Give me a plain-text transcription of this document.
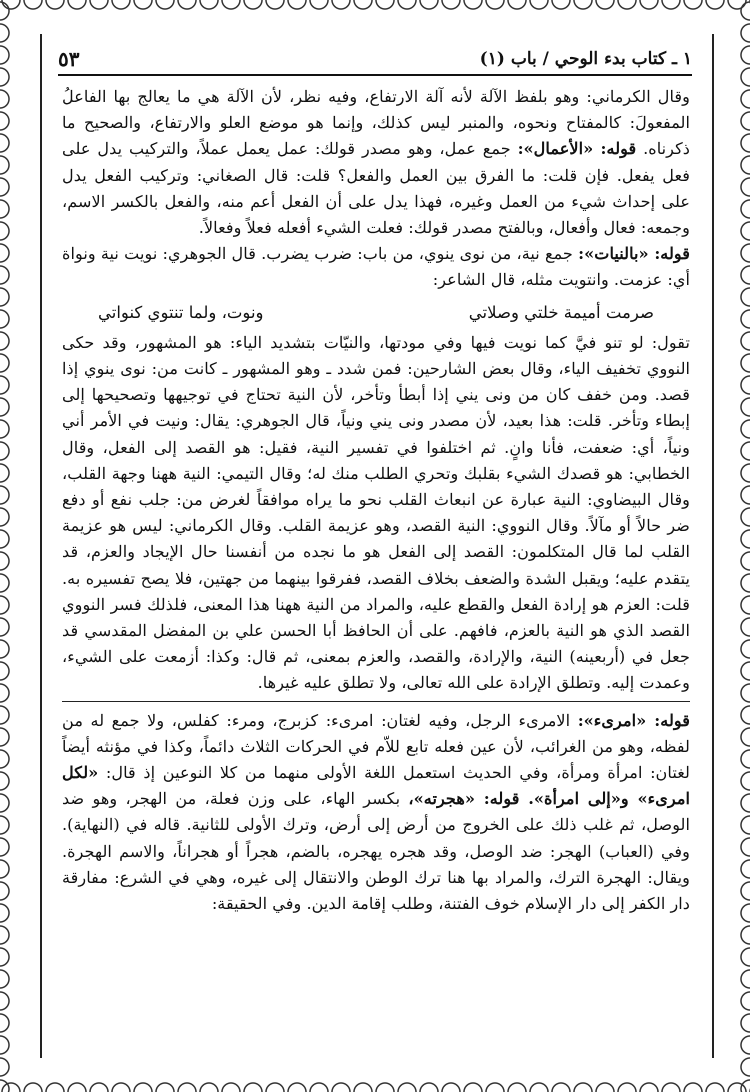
١ ـ كتاب بدء الوحي / باب (١)
٥٣

وقال الكرماني: وهو بلفظ الآلة لأنه آلة الارتفاع، وفيه نظر، لأن الآلة هي ما يعالج بها الفاعلُ المفعولَ: كالمفتاح ونحوه، والمنبر ليس كذلك، وإنما هو موضع العلو والارتفاع، والصحيح ما ذكرناه. قوله: «الأعمال»: جمع عمل، وهو مصدر قولك: عمل يعمل عملاً، والتركيب يدل على فعل يفعل. فإن قلت: ما الفرق بين العمل والفعل؟ قلت: قال الصغاني: وتركيب الفعل يدل على إحداث شيء من العمل وغيره، فهذا يدل على أن الفعل أعم منه، والفعل بالكسر الاسم، وجمعه: فعال وأفعال، وبالفتح مصدر قولك: فعلت الشيء أفعله فعلاً وفعالاً.

قوله: «بالنيات»: جمع نية، من نوى ينوي، من باب: ضرب يضرب. قال الجوهري: نويت نية ونواة أي: عزمت. وانتويت مثله، قال الشاعر:

صرمت أميمة خلتي وصلاتي
ونوت، ولما تنتوي كنواتي

تقول: لو تنو فيَّ كما نويت فيها وفي مودتها، والنيّات بتشديد الياء: هو المشهور، وقد حكى النووي تخفيف الياء، وقال بعض الشارحين: فمن شدد ـ وهو المشهور ـ كانت من: نوى ينوي إذا قصد. ومن خفف كان من ونى يني إذا أبطأ وتأخر، لأن النية تحتاج في توجيهها وتصحيحها إلى إبطاء وتأخر. قلت: هذا بعيد، لأن مصدر ونى يني ونياً، قال الجوهري: يقال: ونيت في الأمر أني ونياً، أي: ضعفت، فأنا وانٍ. ثم اختلفوا في تفسير النية، فقيل: هو القصد إلى الفعل، وقال الخطابي: هو قصدك الشيء بقلبك وتحري الطلب منك له؛ وقال التيمي: النية ههنا وجهة القلب، وقال البيضاوي: النية عبارة عن انبعاث القلب نحو ما يراه موافقاً لغرض من: جلب نفع أو دفع ضر حالاً أو مآلاً. وقال النووي: النية القصد، وهو عزيمة القلب. وقال الكرماني: ليس هو عزيمة القلب لما قال المتكلمون: القصد إلى الفعل هو ما نجده من أنفسنا حال الإيجاد والعزم، قد يتقدم عليه؛ ويقبل الشدة والضعف بخلاف القصد، ففرقوا بينهما من جهتين، فلا يصح تفسيره به. قلت: العزم هو إرادة الفعل والقطع عليه، والمراد من النية ههنا هذا المعنى، فلذلك فسر النووي القصد الذي هو النية بالعزم، فافهم. على أن الحافظ أبا الحسن علي بن المفضل المقدسي قد جعل في (أربعينه) النية، والإرادة، والقصد، والعزم بمعنى، ثم قال: وكذا: أزمعت على الشيء، وعمدت إليه. وتطلق الإرادة على الله تعالى، ولا تطلق عليه غيرها.

قوله: «امرىء»: الامرىء الرجل، وفيه لغتان: امرىء: كزبرج، ومرء: كفلس، ولا جمع له من لفظه، وهو من الغرائب، لأن عين فعله تابع للاّم في الحركات الثلاث دائماً، وكذا في مؤنثه أيضاً لغتان: امرأة ومرأة، وفي الحديث استعمل اللغة الأولى منهما من كلا النوعين إذ قال: «لكل امرىء» و«إلى امرأة». قوله: «هجرته»، بكسر الهاء، على وزن فعلة، من الهجر، وهو ضد الوصل، ثم غلب ذلك على الخروج من أرض إلى أرض، وترك الأولى للثانية. قاله في (النهاية). وفي (العباب) الهجر: ضد الوصل، وقد هجره يهجره، بالضم، هجراً أو هجراناً، والاسم الهجرة. ويقال: الهجرة الترك، والمراد بها هنا ترك الوطن والانتقال إلى غيره، وهي في الشرع: مفارقة دار الكفر إلى دار الإسلام خوف الفتنة، وطلب إقامة الدين. وفي الحقيقة:
